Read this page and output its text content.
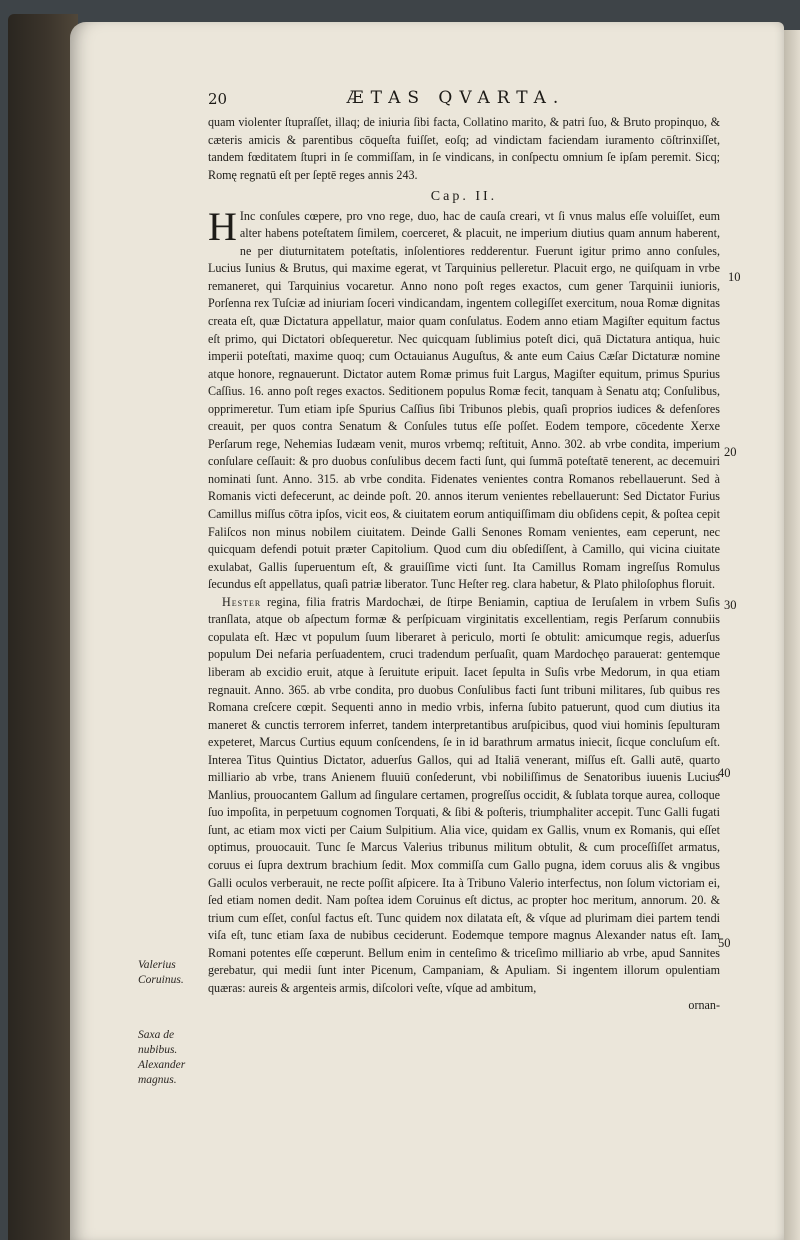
20	ÆTAS QVARTA.

quam violenter ſtupraſſet, illaq; de iniuria ſibi facta, Collatino marito, & patri ſuo, & Bruto propinquo, & cæteris amicis & parentibus cōqueſta fuiſſet, eoſq; ad vindictam faciendam iuramento cōſtrinxiſſet, tandem fœditatem ſtupri in ſe commiſſam, in ſe vindicans, in conſpectu omnium ſe ipſam peremit. Sicq; Romę regnatū eſt per ſeptē reges annis 243.

Cap. II.

H Inc conſules cœpere, pro vno rege, duo, hac de cauſa creari, vt ſi vnus malus eſſe voluiſſet, eum alter habens poteſtatem ſimilem, coerceret, & placuit, ne imperium diutius quam annum haberent, ne per diuturnitatem poteſtatis, inſolentiores redderentur. Fuerunt igitur primo anno conſules, Lucius Iunius & Brutus, qui maxime egerat, vt Tarquinius pelleretur. Placuit ergo, ne quiſquam in vrbe remaneret, qui Tarquinius vocaretur. Anno nono poſt reges exactos, cum gener Tarquinii iunioris, Porſenna rex Tuſciæ ad iniuriam ſoceri vindicandam, ingentem collegiſſet exercitum, noua Romæ dignitas creata eſt, quæ Dictatura appellatur, maior quam conſulatus. Eodem anno etiam Magiſter equitum factus eſt primo, qui Dictatori obſequeretur. Nec quicquam ſublimius poteſt dici, quā Dictatura antiqua, huic imperii poteſtati, maxime quoq; cum Octauianus Auguſtus, & ante eum Caius Cæſar Dictaturæ nomine atque honore, regnauerunt. Dictator autem Romæ primus fuit Largus, Magiſter equitum, primus Spurius Caſſius. 16. anno poſt reges exactos. Seditionem populus Romæ fecit, tanquam à Senatu atq; Conſulibus, opprimeretur. Tum etiam ipſe Spurius Caſſius ſibi Tribunos plebis, quaſi proprios iudices & defenſores creauit, per quos contra Senatum & Conſules tutus eſſe poſſet. Eodem tempore, cōcedente Xerxe Perſarum rege, Nehemias Iudæam venit, muros vrbemq; reſtituit, Anno. 302. ab vrbe condita, imperium conſulare ceſſauit: & pro duobus conſulibus decem facti ſunt, qui ſummā poteſtatē tenerent, ac decemuiri nominati ſunt. Anno. 315. ab vrbe condita. Fidenates venientes contra Romanos rebellauerunt. Sed à Romanis victi defecerunt, ac deinde poſt. 20. annos iterum venientes rebellauerunt: Sed Dictator Furius Camillus miſſus cōtra ipſos, vicit eos, & ciuitatem eorum antiquiſſimam diu obſidens cepit, & poſtea cepit Faliſcos non minus nobilem ciuitatem. Deinde Galli Senones Romam venientes, eam ceperunt, nec quicquam defendi potuit præter Capitolium. Quod cum diu obſediſſent, à Camillo, qui vicina ciuitate exulabat, Gallis ſuperuentum eſt, & grauiſſime victi ſunt. Ita Camillus Romam ingreſſus Romulus ſecundus eſt appellatus, quaſi patriæ liberator. Tunc Heſter reg. clara habetur, & Plato philoſophus floruit.

Hester regina, filia fratris Mardochæi, de ſtirpe Beniamin, captiua de Ieruſalem in vrbem Suſis tranſlata, atque ob aſpectum formæ & perſpicuam virginitatis excellentiam, regis Perſarum connubiis copulata eſt. Hæc vt populum ſuum liberaret à periculo, morti ſe obtulit: amicumque regis, aduerſus populum Dei nefaria perſuadentem, cruci tradendum perſuaſit, quam Mardochęo parauerat: gentemque liberam ab excidio eruit, atque à ſeruitute eripuit. Iacet ſepulta in Suſis vrbe Medorum, in qua etiam regnauit. Anno. 365. ab vrbe condita, pro duobus Conſulibus facti ſunt tribuni militares, ſub quibus res Romana creſcere cœpit. Sequenti anno in medio vrbis, inferna ſubito patuerunt, quod cum diutius ita maneret & cunctis terrorem inferret, tandem interpretantibus aruſpicibus, quod viui hominis ſepulturam expeteret, Marcus Curtius equum conſcendens, ſe in id barathrum armatus iniecit, ſicque concluſum eſt. Interea Titus Quintius Dictator, aduerſus Gallos, qui ad Italiā venerant, miſſus eſt. Galli autē, quarto milliario ab vrbe, trans Anienem fluuiū conſederunt, vbi nobiliſſimus de Senatoribus iuuenis Lucius Manlius, prouocantem Gallum ad ſingulare certamen, progreſſus occidit, & ſublata torque aurea, colloque ſuo impoſita, in perpetuum cognomen Torquati, & ſibi & poſteris, triumphaliter accepit. Tunc Galli fugati ſunt, ac etiam mox victi per Caium Sulpitium. Alia vice, quidam ex Gallis, vnum ex Romanis, qui eſſet optimus, prouocauit. Tunc ſe Marcus Valerius tribunus militum obtulit, & cum proceſſiſſet armatus, coruus ei ſupra dextrum brachium ſedit. Mox commiſſa cum Gallo pugna, idem coruus alis & vngibus Galli oculos verberauit, ne recte poſſit aſpicere. Ita à Tribuno Valerio interfectus, non ſolum victoriam ei, ſed etiam nomen dedit. Nam poſtea idem Coruinus eſt dictus, ac propter hoc meritum, annorum. 20. & trium cum eſſet, conſul factus eſt. Tunc quidem nox dilatata eſt, & vſque ad plurimam diei partem tendi viſa eſt, tunc etiam ſaxa de nubibus ceciderunt. Eodemque tempore magnus Alexander natus eſt. Iam Romani potentes eſſe cœperunt. Bellum enim in centeſimo & triceſimo milliario ab vrbe, apud Sannites gerebatur, qui medii ſunt inter Picenum, Campaniam, & Apuliam. Si ingentem illorum opulentiam quæras: aureis & argenteis armis, diſcolori veſte, vſque ad ambitum,

ornan-
10
20
30
40
50
Valerius Coruinus.
Saxa de nubibus.
Alexander magnus.
